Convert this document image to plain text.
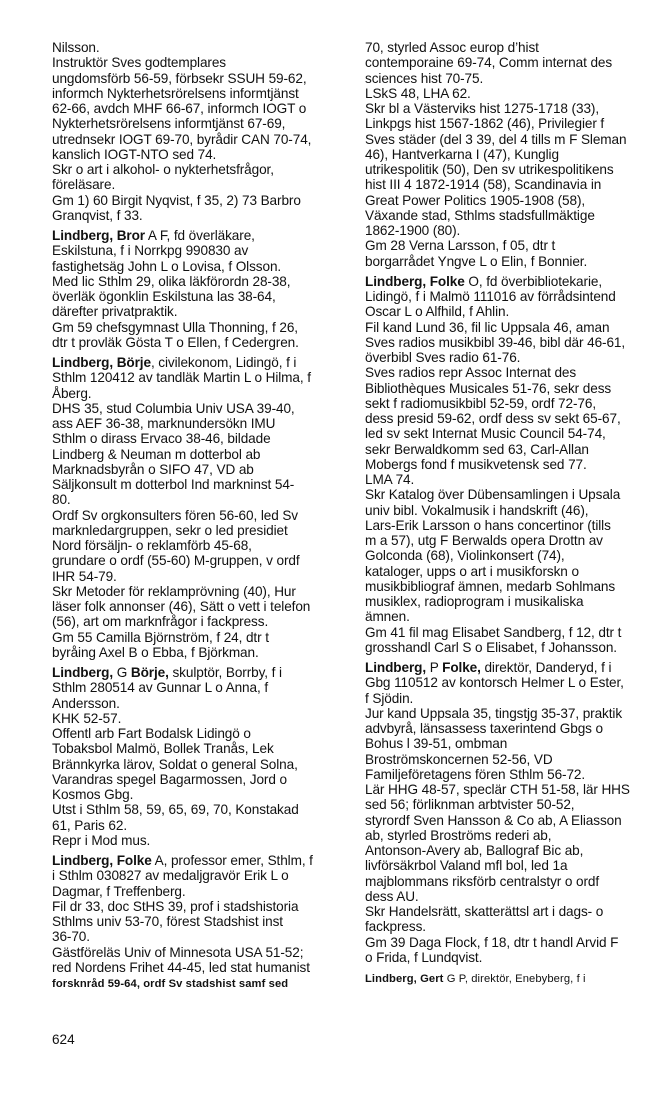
Nilsson.
Instruktör Sves godtemplares
ungdomsförb 56-59, förbsekr SSUH 59-62,
informch Nykterhetsrörelsens informtjänst
62-66, avdch MHF 66-67, informch IOGT o
Nykterhetsrörelsens informtjänst 67-69,
utrednsekr IOGT 69-70, byrådir CAN 70-74,
kanslich IOGT-NTO sed 74.
Skr o art i alkohol- o nykterhetsfrågor,
föreläsare.
Gm 1) 60 Birgit Nyqvist, f 35, 2) 73 Barbro
Granqvist, f 33.
Lindberg, Bror A F, fd överläkare,
Eskilstuna, f i Norrkpg 990830 av
fastighetsäg John L o Lovisa, f Olsson.
Med lic Sthlm 29, olika läkförordn 28-38,
överläk ögonklin Eskilstuna las 38-64,
därefter privatpraktik.
Gm 59 chefsgymnast Ulla Thonning, f 26,
dtr t provläk Gösta T o Ellen, f Cedergren.
Lindberg, Börje, civilekonom, Lidingö, f i
Sthlm 120412 av tandläk Martin L o Hilma, f
Åberg.
DHS 35, stud Columbia Univ USA 39-40,
ass AEF 36-38, marknundersökn IMU
Sthlm o dirass Ervaco 38-46, bildade
Lindberg & Neuman m dotterbol ab
Marknadsbyrån o SIFO 47, VD ab
Säljkonsult m dotterbol Ind markninst 54-
80.
Ordf Sv orgkonsulters fören 56-60, led Sv
marknledargruppen, sekr o led presidiet
Nord försäljn- o reklamförb 45-68,
grundare o ordf (55-60) M-gruppen, v ordf
IHR 54-79.
Skr Metoder för reklamprövning (40), Hur
läser folk annonser (46), Sätt o vett i telefon
(56), art om marknfrågor i fackpress.
Gm 55 Camilla Björnström, f 24, dtr t
byråing Axel B o Ebba, f Björkman.
Lindberg, G Börje, skulptör, Borrby, f i
Sthlm 280514 av Gunnar L o Anna, f
Andersson.
KHK 52-57.
Offentl arb Fart Bodalsk Lidingö o
Tobaksbol Malmö, Bollek Tranås, Lek
Brännkyrka lärov, Soldat o general Solna,
Varandras spegel Bagarmossen, Jord o
Kosmos Gbg.
Utst i Sthlm 58, 59, 65, 69, 70, Konstakad
61, Paris 62.
Repr i Mod mus.
Lindberg, Folke A, professor emer, Sthlm, f
i Sthlm 030827 av medaljgravör Erik L o
Dagmar, f Treffenberg.
Fil dr 33, doc StHS 39, prof i stadshistoria
Sthlms univ 53-70, förest Stadshist inst
36-70.
Gästföreläs Univ of Minnesota USA 51-52;
red Nordens Frihet 44-45, led stat humanist
forsknråd 59-64, ordf Sv stadshist samf sed
70, styrled Assoc europ d’hist
contemporaine 69-74, Comm internat des
sciences hist 70-75.
LSkS 48, LHA 62.
Skr bl a Västerviks hist 1275-1718 (33),
Linkpgs hist 1567-1862 (46), Privilegier f
Sves städer (del 3 39, del 4 tills m F Sleman
46), Hantverkarna I (47), Kunglig
utrikespolitik (50), Den sv utrikespolitikens
hist III 4 1872-1914 (58), Scandinavia in
Great Power Politics 1905-1908 (58),
Växande stad, Sthlms stadsfullmäktige
1862-1900 (80).
Gm 28 Verna Larsson, f 05, dtr t
borgarrådet Yngve L o Elin, f Bonnier.
Lindberg, Folke O, fd överbibliotekarie,
Lidingö, f i Malmö 111016 av förrådsintend
Oscar L o Alfhild, f Ahlin.
Fil kand Lund 36, fil lic Uppsala 46, aman
Sves radios musikbibl 39-46, bibl där 46-61,
överbibl Sves radio 61-76.
Sves radios repr Assoc Internat des
Bibliothèques Musicales 51-76, sekr dess
sekt f radiomusikbibl 52-59, ordf 72-76,
dess presid 59-62, ordf dess sv sekt 65-67,
led sv sekt Internat Music Council 54-74,
sekr Berwaldkomm sed 63, Carl-Allan
Mobergs fond f musikvetensk sed 77.
LMA 74.
Skr Katalog över Dübensamlingen i Upsala
univ bibl. Vokalmusik i handskrift (46),
Lars-Erik Larsson o hans concertinor (tills
m a 57), utg F Berwalds opera Drottn av
Golconda (68), Violinkonsert (74),
kataloger, upps o art i musikforskn o
musikbibliograf ämnen, medarb Sohlmans
musiklex, radioprogram i musikaliska
ämnen.
Gm 41 fil mag Elisabet Sandberg, f 12, dtr t
grosshandl Carl S o Elisabet, f Johansson.
Lindberg, P Folke, direktör, Danderyd, f i
Gbg 110512 av kontorsch Helmer L o Ester,
f Sjödin.
Jur kand Uppsala 35, tingstjg 35-37, praktik
advbyrå, länsassess taxerintend Gbgs o
Bohus l 39-51, ombman
Broströmskoncernen 52-56, VD
Familjeföretagens fören Sthlm 56-72.
Lär HHG 48-57, speclär CTH 51-58, lär HHS
sed 56; förliknman arbtvister 50-52,
styrordf Sven Hansson & Co ab, A Eliasson
ab, styrled Broströms rederi ab,
Antonson-Avery ab, Ballograf Bic ab,
livförsäkrbol Valand mfl bol, led 1a
majblommans riksförb centralstyr o ordf
dess AU.
Skr Handelsrätt, skatterättsl art i dags- o
fackpress.
Gm 39 Daga Flock, f 18, dtr t handl Arvid F
o Frida, f Lundqvist.
Lindberg, Gert G P, direktör, Enebyberg, f i
624
